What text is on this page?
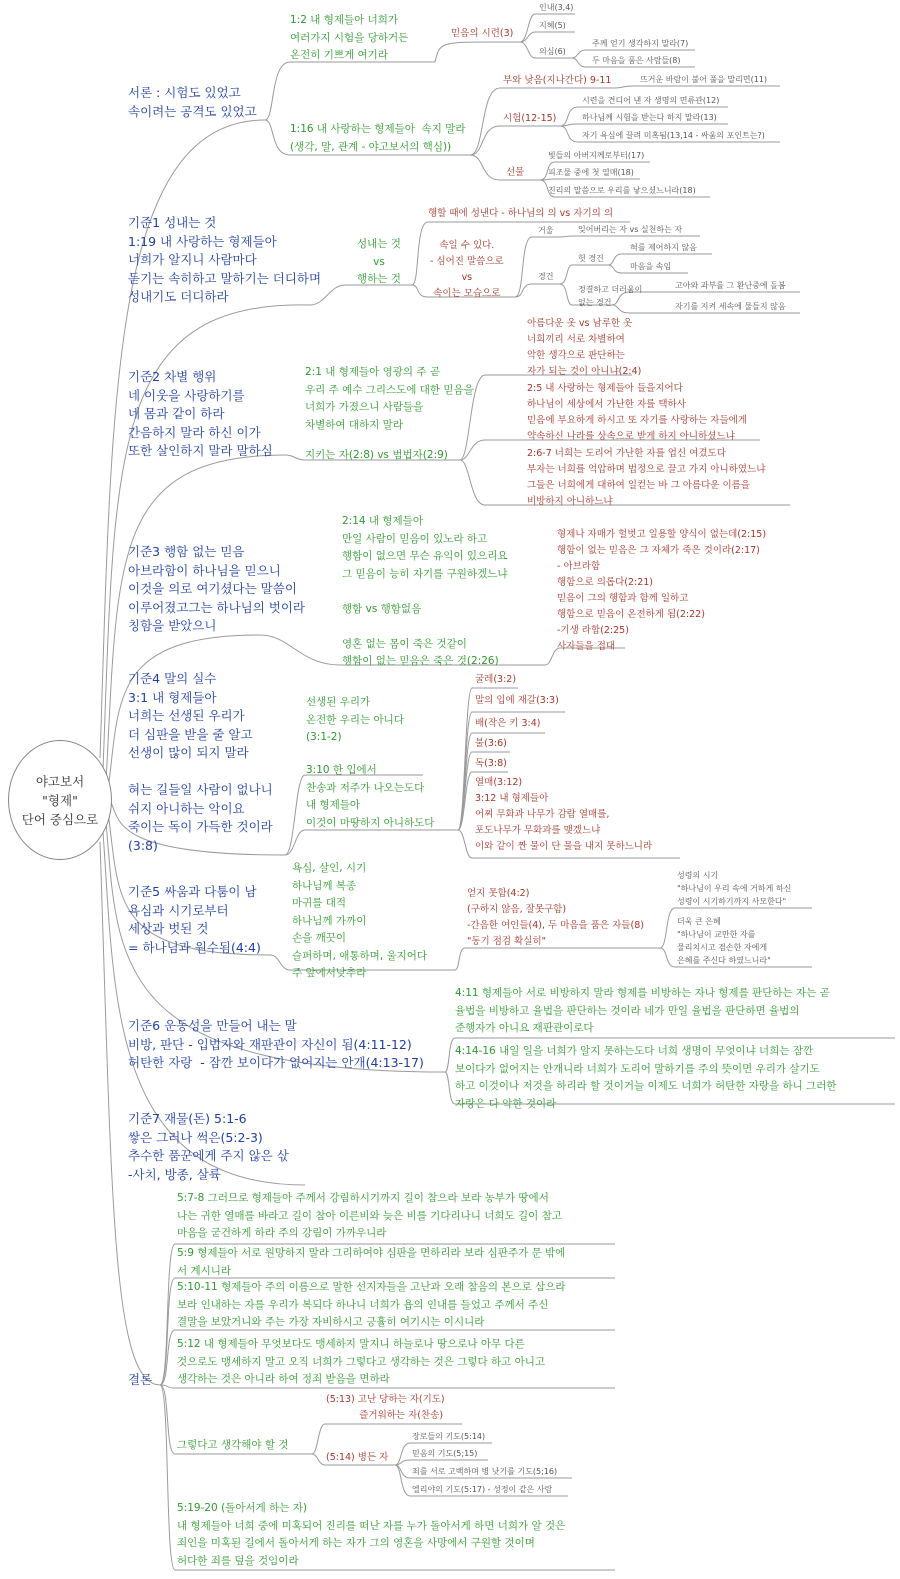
야고보서
"형제"
단어 중심으로
서론 : 시험도 있었고
속이려는 공격도 있었고
1:2 내 형제들아 너희가
여러가지 시험을 당하거든
온전히 기쁘게 여기라
믿음의 시련(3)
인내(3,4)
지혜(5)
의심(6)
주께 얻기 생각하지 말라(7)
두 마음을 품은 사람들(8)
1:16 내 사랑하는 형제들아  속지 말라
(생각, 말, 관계 - 야고보서의 핵심))
부와 낮음(지나간다) 9-11	뜨거운 바람이 불어 풀을 말리면(11)
시험(12-15)
시련을 견디어 낸 자 생명의 면류관(12)
하나님께 시험을 받는다 하지 말라(13)
자기 욕심에 끌려 미혹됨(13,14 - 싸움의 포인트는?)
선물
빛들의 아버지께로부터(17)
피조물 중에 첫 열매(18)
진리의 말씀으로 우리를 낳으셨느니라(18)
기준1 성내는 것
1:19 내 사랑하는 형제들아
너희가 알지니 사람마다
듣기는 속히하고 말하기는 더디하며
성내기도 더디하라
성내는 것
vs
행하는 것
행할 때에 성낸다 - 하나님의 의 vs 자기의 의
속일 수 있다.
- 심어진 말씀으로
vs
속이는 모습으로
거울	잊어버리는 자 vs 실천하는 자
경건
헛 경건
혀를 제어하지 않음
마음을 속임
정결하고 더러움이
없는 경건
고아와 과부를 그 환난중에 돌봄
자기를 지켜 세속에 물들지 않음
기준2 차별 행위
네 이웃을 사랑하기를
네 몸과 같이 하라
간음하지 말라 하신 이가
또한 살인하지 말라 말하심
2:1 내 형제들아 영광의 주 곧
우리 주 예수 그리스도에 대한 믿음을
너희가 가졌으니 사람들을
차별하여 대하지 말라
지키는 자(2:8) vs 범법자(2:9)
아름다운 옷 vs 남루한 옷
너희끼리 서로 차별하여
악한 생각으로 판단하는
자가 되는 것이 아니냐(2:4)
2:5 내 사랑하는 형제들아 들을지어다
하나님이 세상에서 가난한 자를 택하사
믿음에 부요하게 하시고 또 자기를 사랑하는 자들에게
약속하신 나라를 상속으로 받게 하지 아니하셨느냐
2:6-7 너희는 도리어 가난한 자를 업신 여겼도다
부자는 너희를 억압하며 법정으로 끌고 가지 아니하였느냐
그들은 너희에게 대하여 일컫는 바 그 아름다운 이름을
비방하지 아니하느냐
기준3 행함 없는 믿음
아브라함이 하나님을 믿으니
이것을 의로 여기셨다는 말씀이
이루어졌고그는 하나님의 벗이라
칭함을 받았으니
2:14 내 형제들아
만일 사람이 믿음이 있노라 하고
행함이 없으면 무슨 유익이 있으리요
그 믿음이 능히 자기를 구원하겠느냐

행함 vs 행함없음

영혼 없는 몸이 죽은 것같이
행함이 없는 믿음은 죽은 것(2:26)
형제나 자매가 헐벗고 일용할 양식이 없는데(2:15)
행함이 없는 믿음은 그 자체가 죽은 것이라(2:17)
- 아브라함
행함으로 의롭다(2:21)
믿음이 그의 행함과 함께 일하고
행함으로 믿음이 온전하게 됨(2:22)
-기생 라합(2:25)
사자들을 접대
기준4 말의 실수
3:1 내 형제들아
너희는 선생된 우리가
더 심판을 받을 줄 알고
선생이 많이 되지 말라

혀는 길들일 사람이 없나니
쉬지 아니하는 악이요
죽이는 독이 가득한 것이라
(3:8)
선생된 우리가
온전한 우리는 아니다
(3:1-2)
3:10 한 입에서
찬송과 저주가 나오는도다
내 형제들아
이것이 마땅하지 아니하도다
굴레(3:2)
말의 입에 재갈(3:3)
배(작은 키 3:4)
불(3:6)
독(3:8)
열매(3:12)
3:12 내 형제들아
어찌 무화과 나무가 감람 열매를,
포도나무가 무화과를 맺겠느냐
이와 같이 짠 물이 단 물을 내지 못하느니라
기준5 싸움과 다툼이 남
욕심과 시기로부터
세상과 벗된 것
= 하나님과 원수됨(4:4)
욕심, 살인, 시기
하나님께 복종
마귀를 대적
하나님께 가까이
손을 깨끗이
슬퍼하며, 애통하며, 울지어다
주 앞에서낮추라
얻지 못함(4:2)
(구하지 않음, 잘못구함)
-간음한 여인들(4), 두 마음을 품은 자들(8)
"동기 점검 확실히"
성령의 시기
"하나님이 우리 속에 거하게 하신
성령이 시기하기까지 사모한다"
더욱 큰 은혜
"하나님이 교만한 자를
물리치시고 겸손한 자에게
은혜를 주신다 하였느니라"
기준6 운동성을 만들어 내는 말
비방, 판단 - 입법자와 재판관이 자신이 됨(4:11-12)
허탄한 자랑  - 잠깐 보이다가 없어지는 안개(4:13-17)
4:11 형제들아 서로 비방하지 말라 형제를 비방하는 자나 형제를 판단하는 자는 곧
율법을 비방하고 율법을 판단하는 것이라 네가 만일 율법을 판단하면 율법의
준행자가 아니요 재판관이로다
4:14-16 내일 일을 너희가 알지 못하는도다 너희 생명이 무엇이냐 너희는 잠깐
보이다가 없어지는 안개니라 너희가 도리어 말하기를 주의 뜻이면 우리가 살기도
하고 이것이나 저것을 하리라 할 것이거늘 이제도 너희가 허탄한 자랑을 하니 그러한
자랑은 다 악한 것이라
기준7 재물(돈) 5:1-6
쌓은 그러나 썩은(5:2-3)
추수한 품꾼에게 주지 않은 삯
-사치, 방종, 살륙
결론
5:7-8 그러므로 형제들아 주께서 강림하시기까지 길이 참으라 보라 농부가 땅에서
나는 귀한 열매를 바라고 길이 참아 이른비와 늦은 비를 기다리나니 너희도 길이 참고
마음을 굳건하게 하라 주의 강림이 가까우니라
5:9 형제들아 서로 원망하지 말라 그리하여야 심판을 면하리라 보라 심판주가 문 밖에
서 계시니라
5:10-11 형제들아 주의 이름으로 말한 선지자들을 고난과 오래 참음의 본으로 삼으라
보라 인내하는 자를 우리가 복되다 하나니 너희가 욥의 인내를 들었고 주께서 주신
결말을 보았거니와 주는 가장 자비하시고 긍휼히 여기시는 이시니라
5:12 내 형제들아 무엇보다도 맹세하지 말지니 하늘로나 땅으로나 아무 다른
것으로도 맹세하지 말고 오직 너희가 그렇다고 생각하는 것은 그렇다 하고 아니고
생각하는 것은 아니라 하여 정죄 받음을 면하라
그렇다고 생각해야 할 것
(5:13) 고난 당하는 자(기도)
즐거워하는 자(찬송)
(5:14) 병든 자
장로들의 기도(5:14)
믿음의 기도(5;15)
죄를 서로 고백하며 병 낫기를 기도(5;16)
엘리야의 기도(5:17) - 성정이 같은 사람
5:19-20 (돌아서게 하는 자)
내 형제들아 너희 중에 미혹되어 진리를 떠난 자를 누가 돌아서게 하면 너희가 알 것은
죄인을 미혹된 길에서 돌아서게 하는 자가 그의 영혼을 사망에서 구원할 것이며
허다한 죄를 덮을 것임이라
